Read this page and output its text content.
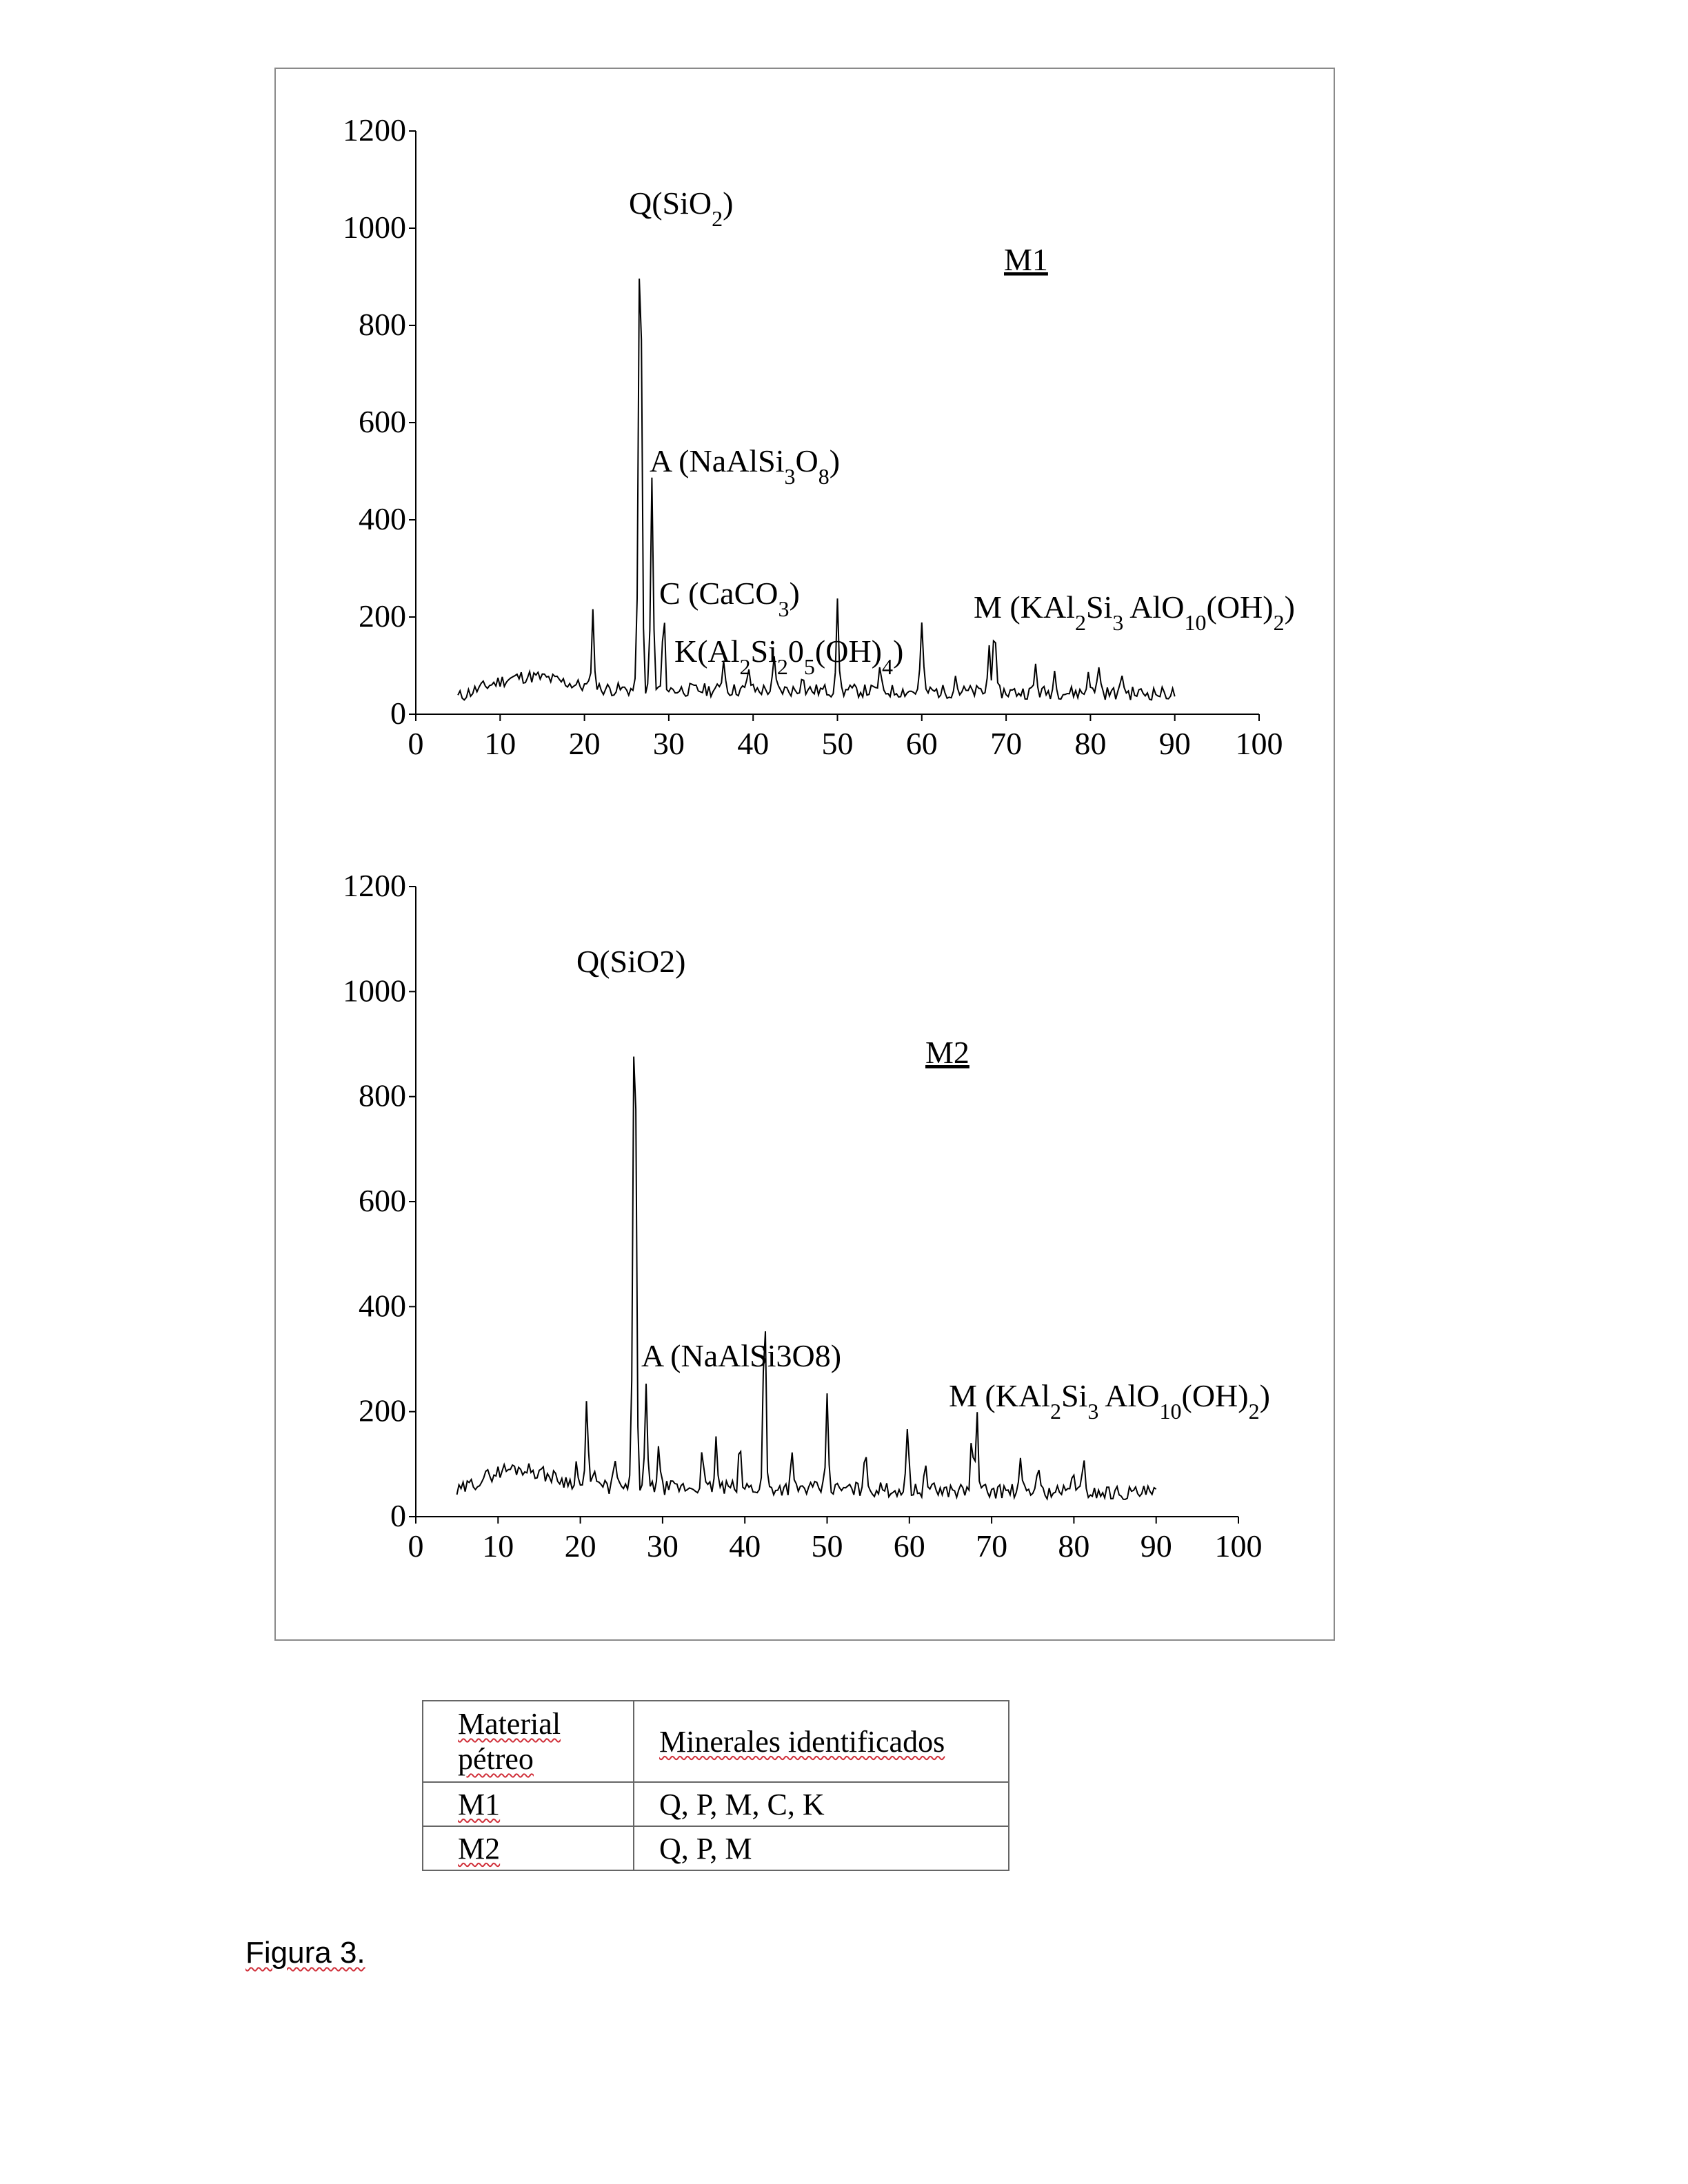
0
200
400
600
800
1000
1200
0 10 20 30 40 50 60 70 80 90 100
M1
Q(SiO$_2$)
A $(NaAlSi_3O_8)$
C (CaCO$_3$)
$K(Al_2Si_20_5(OH)_4)$
M ($KAl_2Si_3$ $AlO_{10}(OH)_2$)
0
200
400
600
800
1000
1200
0 10 20 30 40 50 60 70 80 90 100
M2
Q(SiO2)
A (NaAlSi3O8)
M ($KAl_2Si_3$ $AlO_{10}(OH)_2$)
Material pétreo	Minerales identificados
M1	Q, P, M, C, K
M2	Q, P, M
Figura 3.
